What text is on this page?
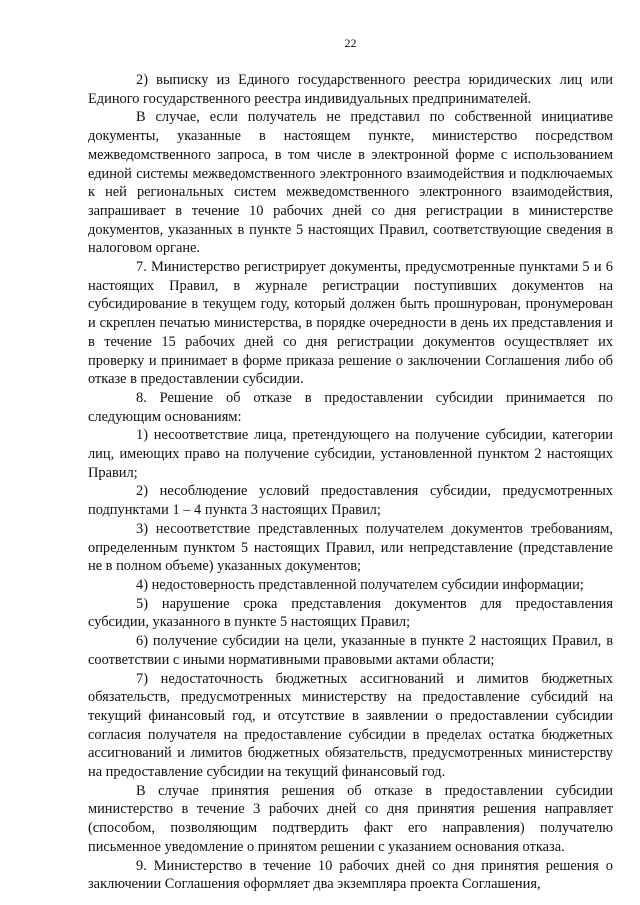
22

2) выписку из Единого государственного реестра юридических лиц или Единого государственного реестра индивидуальных предпринимателей.

В случае, если получатель не представил по собственной инициативе документы, указанные в настоящем пункте, министерство посредством межведомственного запроса, в том числе в электронной форме с использованием единой системы межведомственного электронного взаимодействия и подключаемых к ней региональных систем межведомственного электронного взаимодействия, запрашивает в течение 10 рабочих дней со дня регистрации в министерстве документов, указанных в пункте 5 настоящих Правил, соответствующие сведения в налоговом органе.

7. Министерство регистрирует документы, предусмотренные пунктами 5 и 6 настоящих Правил, в журнале регистрации поступивших документов на субсидирование в текущем году, который должен быть прошнурован, пронумерован и скреплен печатью министерства, в порядке очередности в день их представления и в течение 15 рабочих дней со дня регистрации документов осуществляет их проверку и принимает в форме приказа решение о заключении Соглашения либо об отказе в предоставлении субсидии.

8. Решение об отказе в предоставлении субсидии принимается по следующим основаниям:

1) несоответствие лица, претендующего на получение субсидии, категории лиц, имеющих право на получение субсидии, установленной пунктом 2 настоящих Правил;

2) несоблюдение условий предоставления субсидии, предусмотренных подпунктами 1 – 4 пункта 3 настоящих Правил;

3) несоответствие представленных получателем документов требованиям, определенным пунктом 5 настоящих Правил, или непредставление (представление не в полном объеме) указанных документов;

4) недостоверность представленной получателем субсидии информации;

5) нарушение срока представления документов для предоставления субсидии, указанного в пункте 5 настоящих Правил;

6) получение субсидии на цели, указанные в пункте 2 настоящих Правил, в соответствии с иными нормативными правовыми актами области;

7) недостаточность бюджетных ассигнований и лимитов бюджетных обязательств, предусмотренных министерству на предоставление субсидий на текущий финансовый год, и отсутствие в заявлении о предоставлении субсидии согласия получателя на предоставление субсидии в пределах остатка бюджетных ассигнований и лимитов бюджетных обязательств, предусмотренных министерству на предоставление субсидии на текущий финансовый год.

В случае принятия решения об отказе в предоставлении субсидии министерство в течение 3 рабочих дней со дня принятия решения направляет (способом, позволяющим подтвердить факт его направления) получателю письменное уведомление о принятом решении с указанием основания отказа.

9. Министерство в течение 10 рабочих дней со дня принятия решения о заключении Соглашения оформляет два экземпляра проекта Соглашения,
